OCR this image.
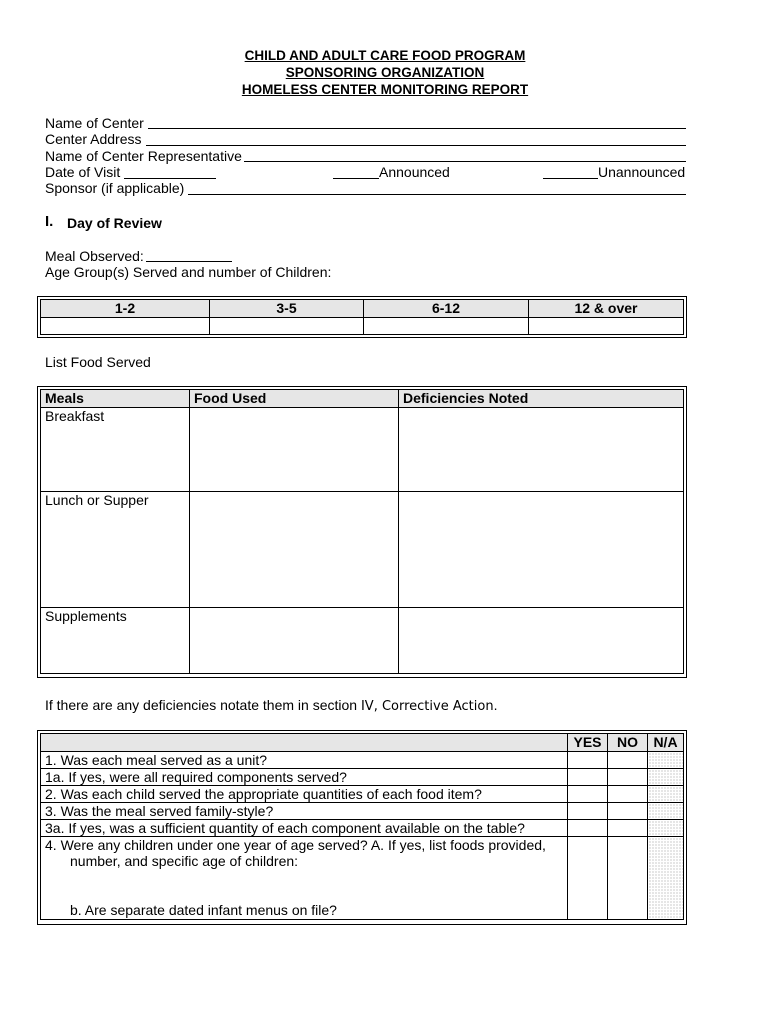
CHILD AND ADULT CARE FOOD PROGRAM
SPONSORING ORGANIZATION
HOMELESS CENTER MONITORING REPORT
Name of Center
Center Address
Name of Center Representative
Date of Visit	Announced	Unannounced
Sponsor (if applicable)
I. Day of Review
Meal Observed:
Age Group(s) Served and number of Children:
1-2	3-5	6-12	12 & over

List Food Served
Meals	Food Used	Deficiencies Noted
Breakfast		
Lunch or Supper		
Supplements		
If there are any deficiencies notate them in section IV, Corrective Action.
	YES	NO	N/A
1. Was each meal served as a unit?			
1a. If yes, were all required components served?			
2. Was each child served the appropriate quantities of each food item?			
3. Was the meal served family-style?			
3a. If yes, was a sufficient quantity of each component available on the table?			

4. Were any children under one year of age served? A. If yes, list foods provided,
number, and specific age of children:
b. Are separate dated infant menus on file?			
